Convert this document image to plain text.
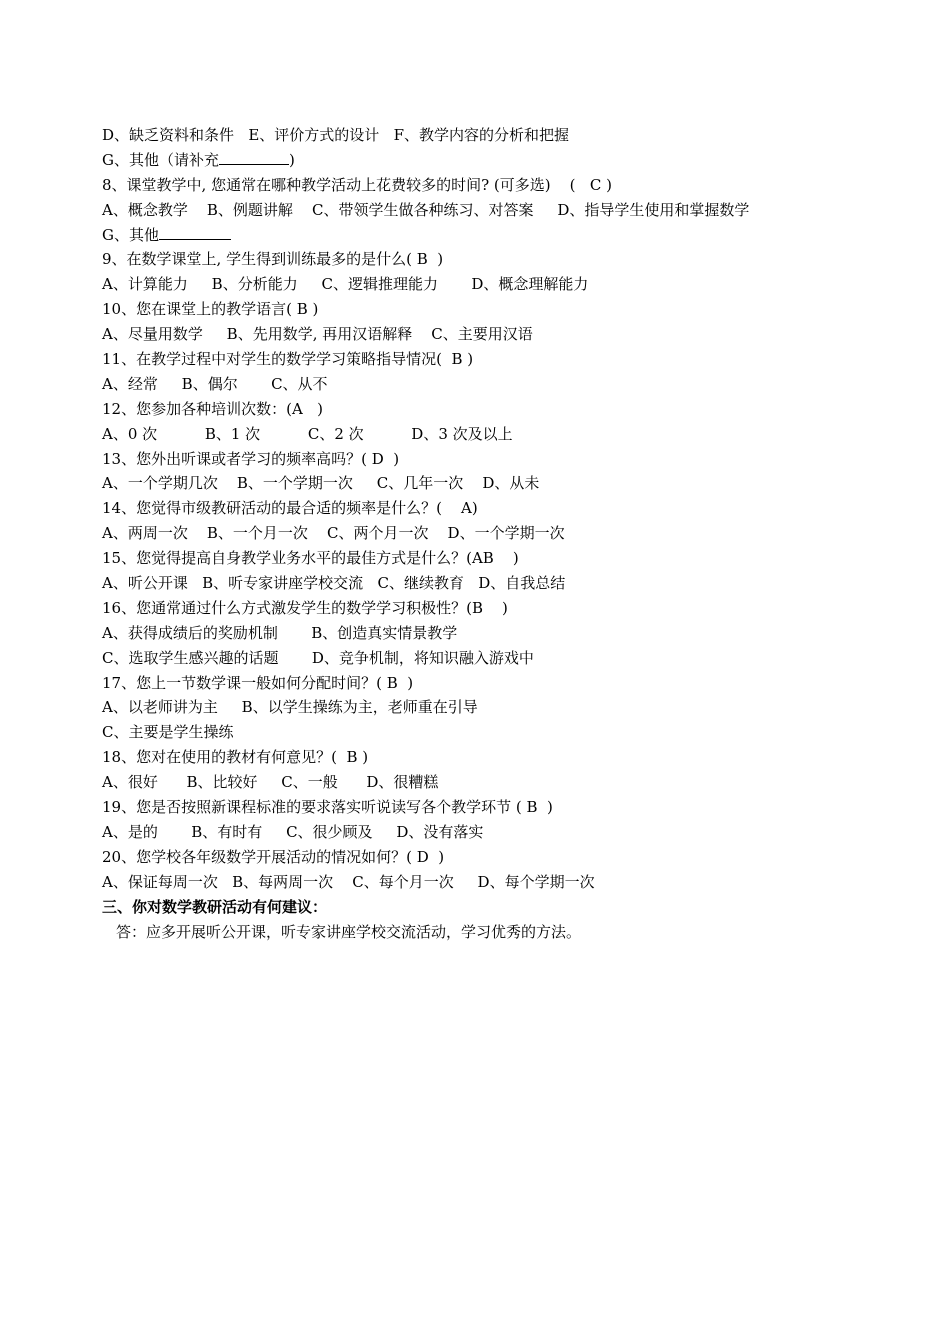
D、缺乏资料和条件   E、评价方式的设计   F、教学内容的分析和把握
G、其他（请补充	)
8、课堂教学中, 您通常在哪种教学活动上花费较多的时间? (可多选)    (   C )
A、概念教学    B、例题讲解    C、带领学生做各种练习、对答案     D、指导学生使用和掌握数学
G、其他
9、在数学课堂上, 学生得到训练最多的是什么( B  )
A、计算能力     B、分析能力     C、逻辑推理能力       D、概念理解能力
10、您在课堂上的教学语言( B )
A、尽量用数学     B、先用数学, 再用汉语解释    C、主要用汉语
11、在教学过程中对学生的数学学习策略指导情况(  B )
A、经常     B、偶尔       C、从不
12、您参加各种培训次数：(A   )
A、0 次          B、1 次          C、2 次          D、3 次及以上
13、您外出听课或者学习的频率高吗？( D  )
A、一个学期几次    B、一个学期一次     C、几年一次    D、从未
14、您觉得市级教研活动的最合适的频率是什么？(    A)
A、两周一次    B、一个月一次    C、两个月一次    D、一个学期一次
15、您觉得提高自身教学业务水平的最佳方式是什么？(AB    )
A、听公开课   B、听专家讲座学校交流   C、继续教育   D、自我总结
16、您通常通过什么方式激发学生的数学学习积极性？(B    )
A、获得成绩后的奖励机制       B、创造真实情景教学
C、选取学生感兴趣的话题       D、竞争机制，将知识融入游戏中
17、您上一节数学课一般如何分配时间？( B  )
A、以老师讲为主     B、以学生操练为主，老师重在引导
C、主要是学生操练
18、您对在使用的教材有何意见？(  B )
A、很好      B、比较好     C、一般      D、很糟糕
19、您是否按照新课程标准的要求落实听说读写各个教学环节 ( B  )
A、是的       B、有时有     C、很少顾及     D、没有落实
20、您学校各年级数学开展活动的情况如何？( D  )
A、保证每周一次   B、每两周一次    C、每个月一次     D、每个学期一次
三、你对数学教研活动有何建议：
答：应多开展听公开课，听专家讲座学校交流活动，学习优秀的方法。
